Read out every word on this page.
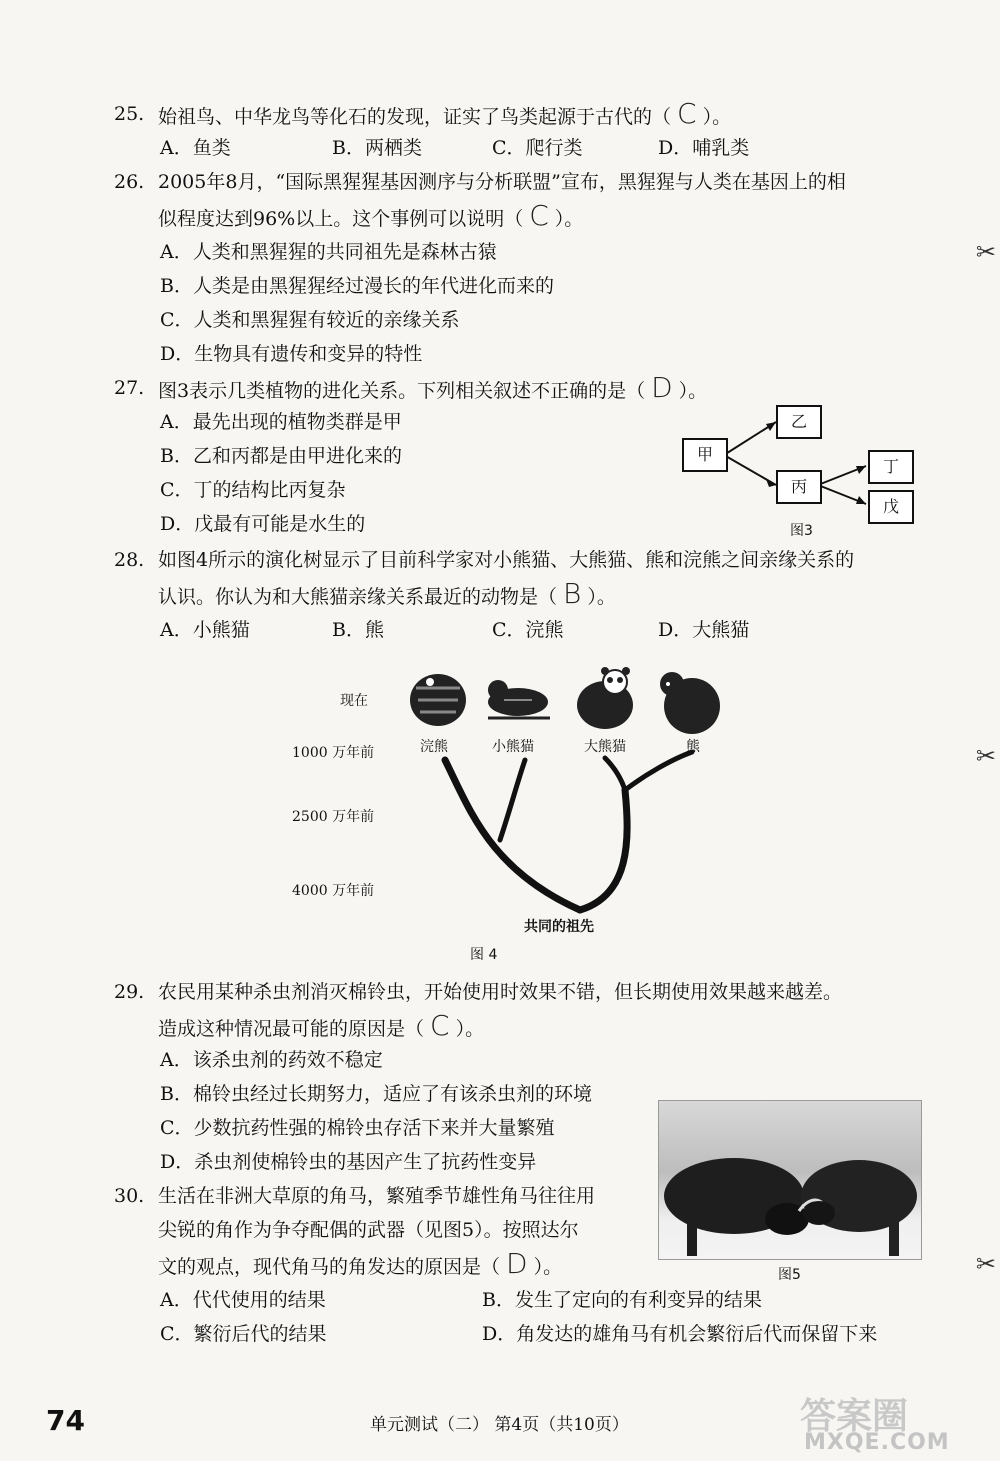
25. 始祖鸟、中华龙鸟等化石的发现，证实了鸟类起源于古代的（ C ）。
A．鱼类	B．两栖类	C．爬行类	D．哺乳类
26. 2005年8月，“国际黑猩猩基因测序与分析联盟”宣布，黑猩猩与人类在基因上的相
似程度达到96%以上。这个事例可以说明（ C ）。
A．人类和黑猩猩的共同祖先是森林古猿
B．人类是由黑猩猩经过漫长的年代进化而来的
C．人类和黑猩猩有较近的亲缘关系
D．生物具有遗传和变异的特性
✂
27. 图3表示几类植物的进化关系。下列相关叙述不正确的是（ D ）。
A．最先出现的植物类群是甲
B．乙和丙都是由甲进化来的
C．丁的结构比丙复杂
D．戊最有可能是水生的
甲
乙
丙
丁
戊
图3
28. 如图4所示的演化树显示了目前科学家对小熊猫、大熊猫、熊和浣熊之间亲缘关系的
认识。你认为和大熊猫亲缘关系最近的动物是（ B ）。
A．小熊猫	B．熊	C．浣熊	D．大熊猫
现在
1000 万年前
2500 万年前
4000 万年前
浣熊	小熊猫	大熊猫	熊
共同的祖先
图 4
✂
29. 农民用某种杀虫剂消灭棉铃虫，开始使用时效果不错，但长期使用效果越来越差。
造成这种情况最可能的原因是（ C ）。
A．该杀虫剂的药效不稳定
B．棉铃虫经过长期努力，适应了有该杀虫剂的环境
C．少数抗药性强的棉铃虫存活下来并大量繁殖
D．杀虫剂使棉铃虫的基因产生了抗药性变异
图5
30. 生活在非洲大草原的角马，繁殖季节雄性角马往往用
尖锐的角作为争夺配偶的武器（见图5）。按照达尔
文的观点，现代角马的角发达的原因是（ D ）。
A．代代使用的结果	B．发生了定向的有利变异的结果
C．繁衍后代的结果	D．角发达的雄角马有机会繁衍后代而保留下来
✂
74	单元测试（二） 第4页（共10页）	答案圈
MXQE.COM
